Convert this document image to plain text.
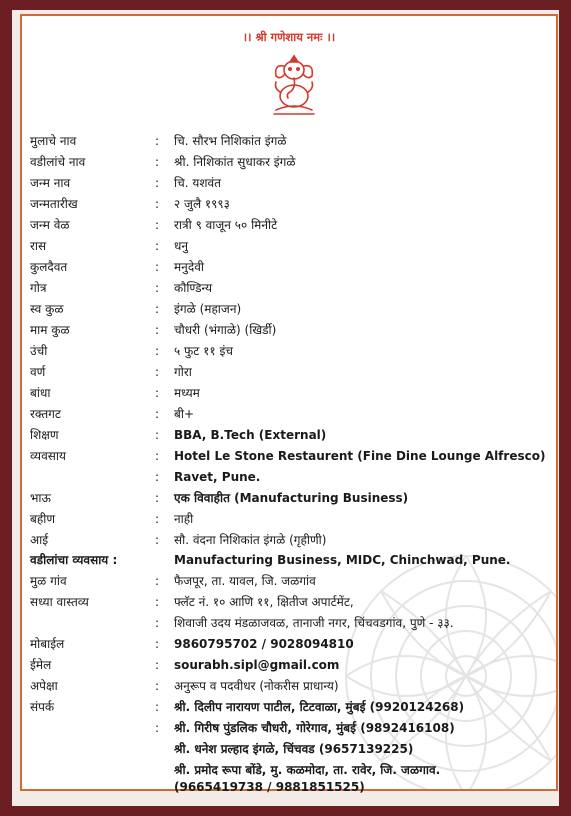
।। श्री गणेशाय नमः ।।
मुलाचे नाव	: चि. सौरभ निशिकांत इंगळे
वडीलांचे नाव	: श्री. निशिकांत सुधाकर इंगळे
जन्म नाव	: चि. यशवंत
जन्मतारीख	: २ जुलै १९९३
जन्म वेळ	: रात्री ९ वाजून ५० मिनीटे
रास	: धनु
कुलदैवत	: मनुदेवी
गोत्र	: कौण्डिन्य
स्व कुळ	: इंगळे (महाजन)
माम कुळ	: चौधरी (भंगाळे) (खिर्डी)
उंची	: ५ फुट ११ इंच
वर्ण	: गोरा
बांधा	: मध्यम
रक्तगट	: बी+
शिक्षण	: BBA, B.Tech (External)
व्यवसाय	: Hotel Le Stone Restaurent (Fine Dine Lounge Alfresco)
: Ravet, Pune.
भाऊ	: एक विवाहीत (Manufacturing Business)
बहीण	: नाही
आई	: सौ. वंदना निशिकांत इंगळे (गृहीणी)
वडीलांचा व्यवसाय :	Manufacturing Business, MIDC, Chinchwad, Pune.
मुळ गांव	: फैजपूर, ता. यावल, जि. जळगांव
सध्या वास्तव्य	: फ्लॅट नं. १० आणि ११, क्षितीज अपार्टमेंट,
: शिवाजी उदय मंडळाजवळ, तानाजी नगर, चिंचवडगांव, पुणे - ३३.
मोबाईल	: 9860795702 / 9028094810
ईमेल	: sourabh.sipl@gmail.com
अपेक्षा	: अनुरूप व पदवीधर (नोकरीस प्राधान्य)
संपर्क	: श्री. दिलीप नारायण पाटील, टिटवाळा, मुंबई (9920124268)
: श्री. गिरीष पुंडलिक चौधरी, गोरेगाव, मुंबई (9892416108)
श्री. धनेश प्रल्हाद इंगळे, चिंचवड (9657139225)
श्री. प्रमोद रूपा बोंडे, मु. कळमोदा, ता. रावेर, जि. जळगाव.
(9665419738 / 9881851525)
